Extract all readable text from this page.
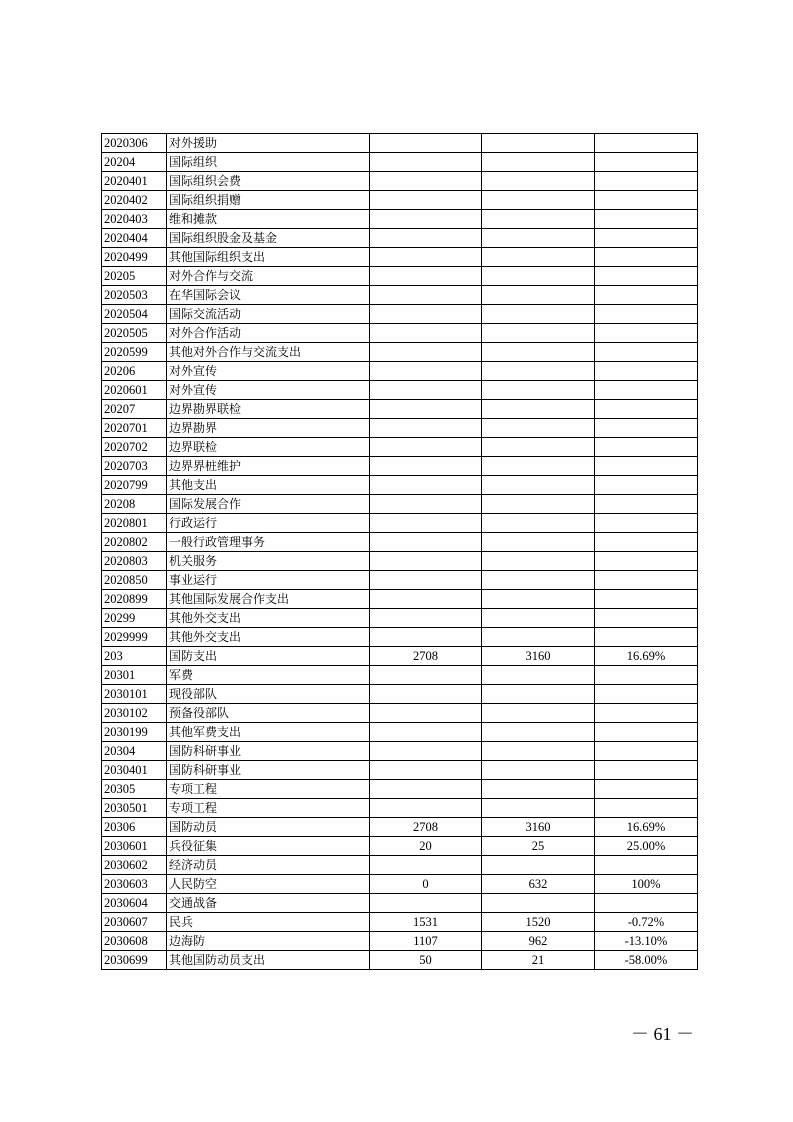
2020306	对外援助			
20204	国际组织			
2020401	国际组织会费			
2020402	国际组织捐赠			
2020403	维和摊款			
2020404	国际组织股金及基金			
2020499	其他国际组织支出			
20205	对外合作与交流			
2020503	在华国际会议			
2020504	国际交流活动			
2020505	对外合作活动			
2020599	其他对外合作与交流支出			
20206	对外宣传			
2020601	对外宣传			
20207	边界勘界联检			
2020701	边界勘界			
2020702	边界联检			
2020703	边界界桩维护			
2020799	其他支出			
20208	国际发展合作			
2020801	行政运行			
2020802	一般行政管理事务			
2020803	机关服务			
2020850	事业运行			
2020899	其他国际发展合作支出			
20299	其他外交支出			
2029999	其他外交支出			
203	国防支出	2708	3160	16.69%
20301	军费			
2030101	现役部队			
2030102	预备役部队			
2030199	其他军费支出			
20304	国防科研事业			
2030401	国防科研事业			
20305	专项工程			
2030501	专项工程			
20306	国防动员	2708	3160	16.69%
2030601	兵役征集	20	25	25.00%
2030602	经济动员			
2030603	人民防空	0	632	100%
2030604	交通战备			
2030607	民兵	1531	1520	-0.72%
2030608	边海防	1107	962	-13.10%
2030699	其他国防动员支出	50	21	-58.00%
－ 61 －
